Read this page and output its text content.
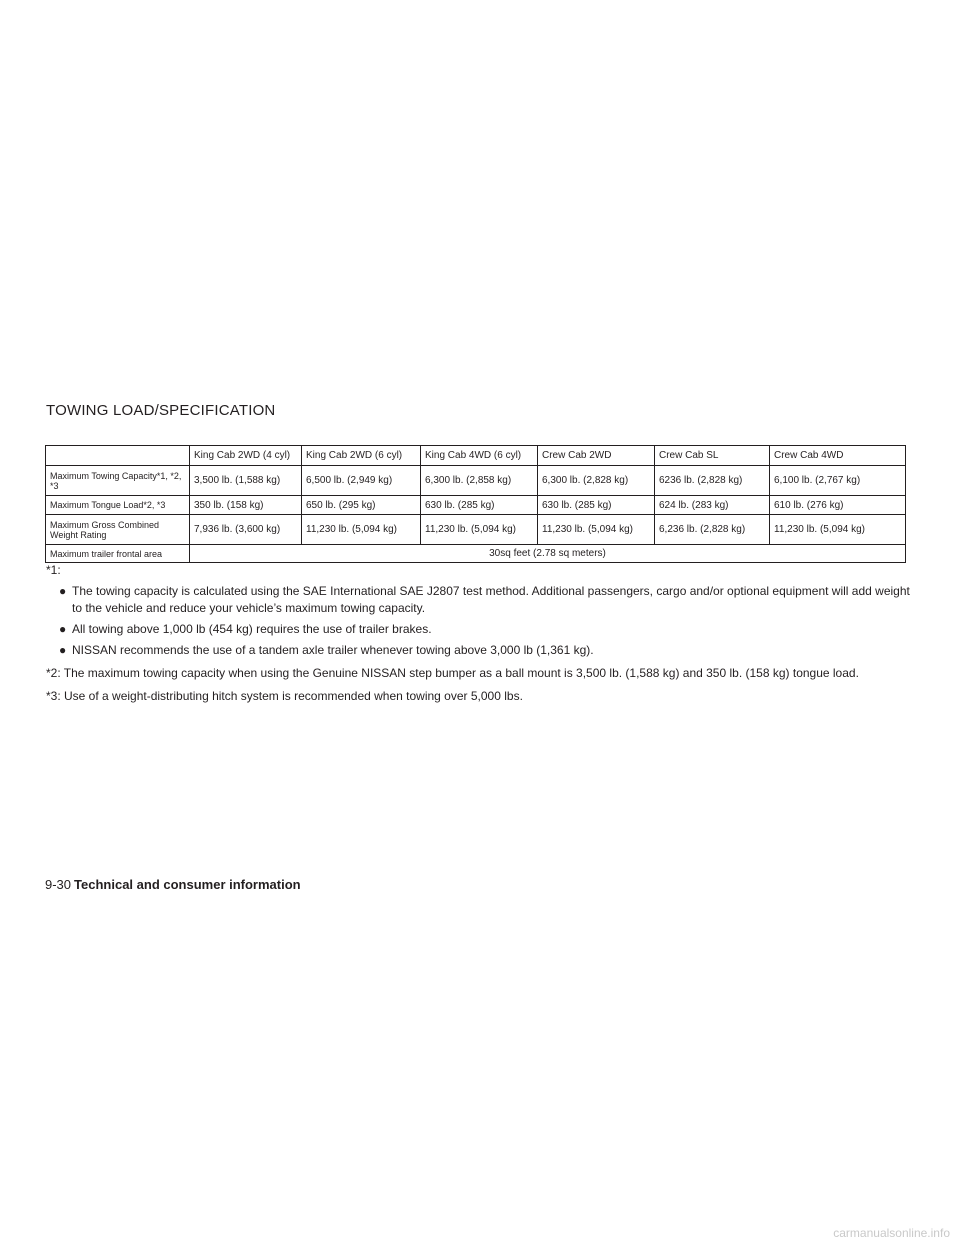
TOWING LOAD/SPECIFICATION
	King Cab 2WD (4 cyl)	King Cab 2WD (6 cyl)	King Cab 4WD (6 cyl)	Crew Cab 2WD	Crew Cab SL	Crew Cab 4WD
Maximum Towing Capacity*1, *2, *3	3,500 lb. (1,588 kg)	6,500 lb. (2,949 kg)	6,300 lb. (2,858 kg)	6,300 lb. (2,828 kg)	6236 lb. (2,828 kg)	6,100 lb. (2,767 kg)
Maximum Tongue Load*2, *3	350 lb. (158 kg)	650 lb. (295 kg)	630 lb. (285 kg)	630 lb. (285 kg)	624 lb. (283 kg)	610 lb. (276 kg)
Maximum Gross Combined Weight Rating	7,936 lb. (3,600 kg)	11,230 lb. (5,094 kg)	11,230 lb. (5,094 kg)	11,230 lb. (5,094 kg)	6,236 lb. (2,828 kg)	11,230 lb. (5,094 kg)
Maximum trailer frontal area	30sq feet (2.78 sq meters)					
*1:
● The towing capacity is calculated using the SAE International SAE J2807 test method. Additional passengers, cargo and/or optional equipment will add weight to the vehicle and reduce your vehicle’s maximum towing capacity.
● All towing above 1,000 lb (454 kg) requires the use of trailer brakes.
● NISSAN recommends the use of a tandem axle trailer whenever towing above 3,000 lb (1,361 kg).
*2: The maximum towing capacity when using the Genuine NISSAN step bumper as a ball mount is 3,500 lb. (1,588 kg) and 350 lb. (158 kg) tongue load.
*3: Use of a weight-distributing hitch system is recommended when towing over 5,000 lbs.
9-30 Technical and consumer information
carmanualsonline.info
